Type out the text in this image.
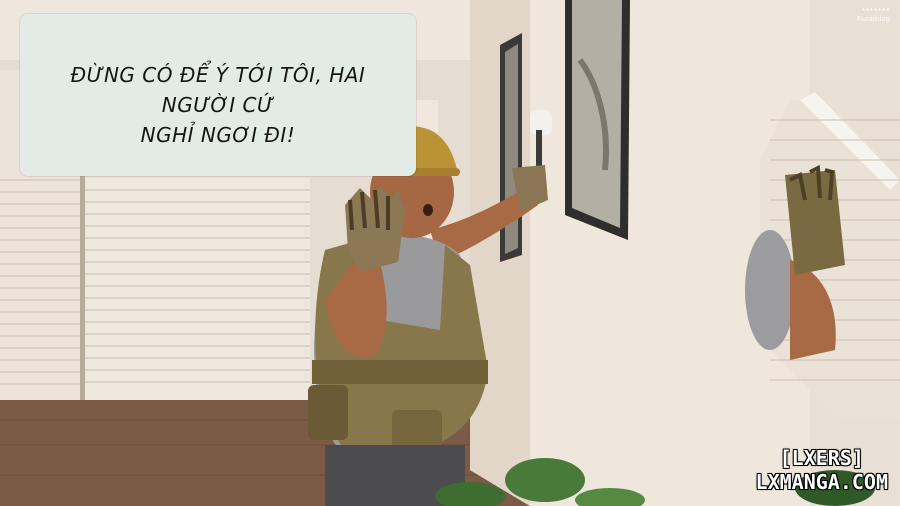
ĐỪNG CÓ ĐỂ Ý TỚI TÔI, HAI NGƯỜI CỨ
NGHỈ NGƠI ĐI!
•••••••
Fuzaiblog
[LXERS]
LXMANGA.COM
